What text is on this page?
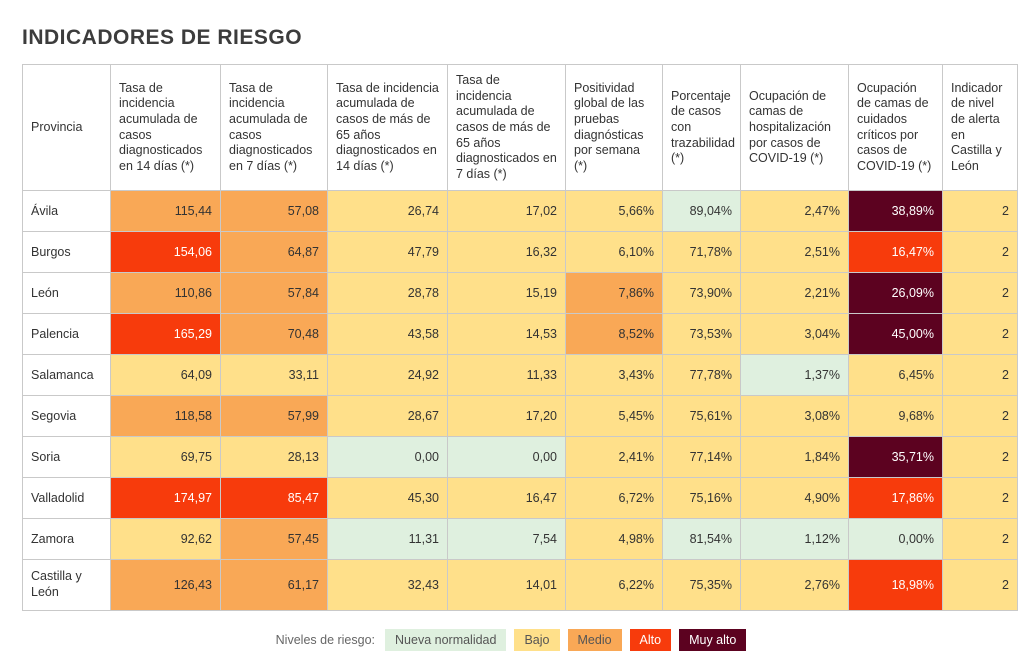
INDICADORES DE RIESGO
Provincia	Tasa de incidencia acumulada de casos diagnosticados en 14 días (*)	Tasa de incidencia acumulada de casos diagnosticados en 7 días (*)	Tasa de incidencia acumulada de casos de más de 65 años diagnosticados en 14 días (*)	Tasa de incidencia acumulada de casos de más de 65 años diagnosticados en 7 días (*)	Positividad global de las pruebas diagnósticas por semana (*)	Porcentaje de casos con trazabilidad (*)	Ocupación de camas de hospitalización por casos de COVID-19 (*)	Ocupación de camas de cuidados críticos por casos de COVID-19 (*)	Indicador de nivel de alerta en Castilla y León
Ávila	115,44	57,08	26,74	17,02	5,66%	89,04%	2,47%	38,89%	2
Burgos	154,06	64,87	47,79	16,32	6,10%	71,78%	2,51%	16,47%	2
León	110,86	57,84	28,78	15,19	7,86%	73,90%	2,21%	26,09%	2
Palencia	165,29	70,48	43,58	14,53	8,52%	73,53%	3,04%	45,00%	2
Salamanca	64,09	33,11	24,92	11,33	3,43%	77,78%	1,37%	6,45%	2
Segovia	118,58	57,99	28,67	17,20	5,45%	75,61%	3,08%	9,68%	2
Soria	69,75	28,13	0,00	0,00	2,41%	77,14%	1,84%	35,71%	2
Valladolid	174,97	85,47	45,30	16,47	6,72%	75,16%	4,90%	17,86%	2
Zamora	92,62	57,45	11,31	7,54	4,98%	81,54%	1,12%	0,00%	2
Castilla y León	126,43	61,17	32,43	14,01	6,22%	75,35%	2,76%	18,98%	2
Niveles de riesgo:	Nueva normalidad	Bajo	Medio	Alto	Muy alto
